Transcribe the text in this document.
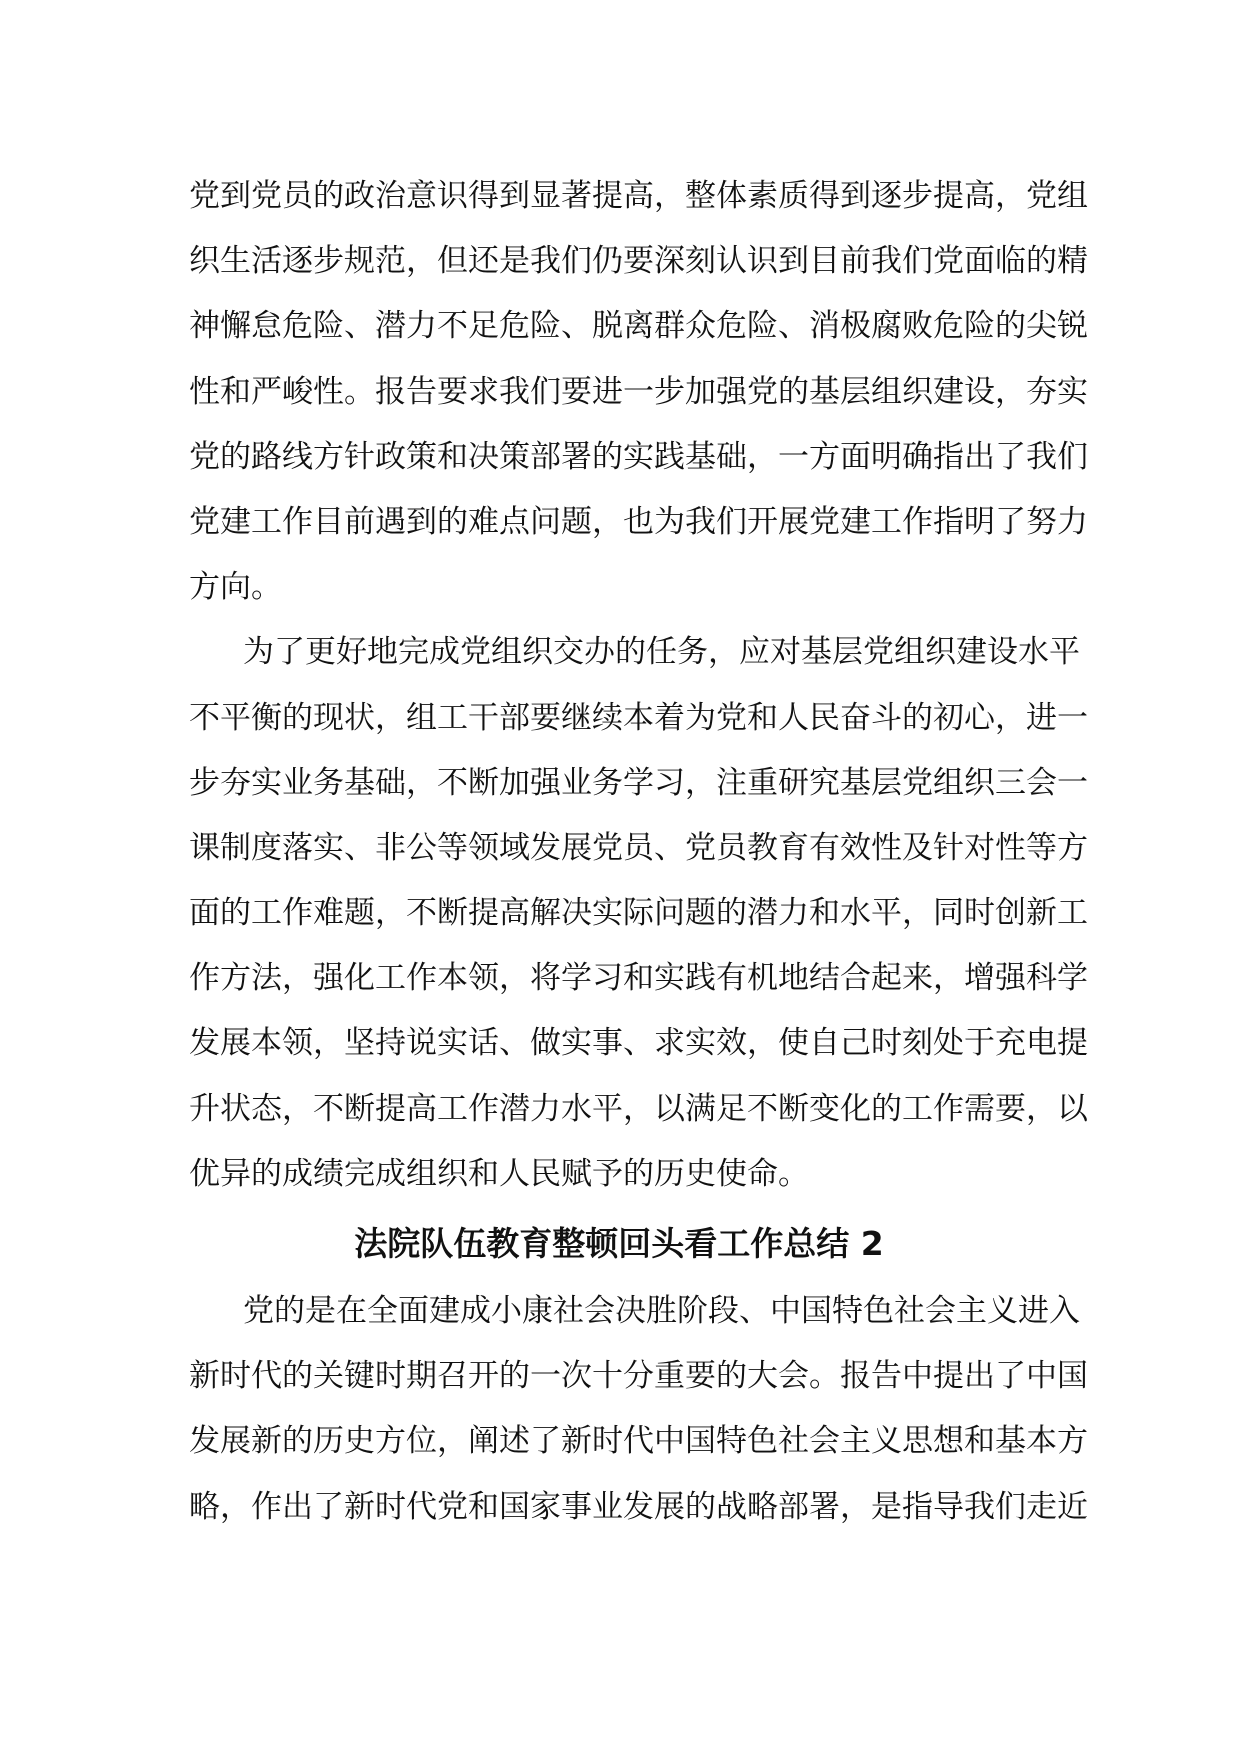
党到党员的政治意识得到显著提高，整体素质得到逐步提高，党组
织生活逐步规范，但还是我们仍要深刻认识到目前我们党面临的精
神懈怠危险、潜力不足危险、脱离群众危险、消极腐败危险的尖锐
性和严峻性。报告要求我们要进一步加强党的基层组织建设，夯实
党的路线方针政策和决策部署的实践基础，一方面明确指出了我们
党建工作目前遇到的难点问题，也为我们开展党建工作指明了努力
方向。
为了更好地完成党组织交办的任务，应对基层党组织建设水平
不平衡的现状，组工干部要继续本着为党和人民奋斗的初心，进一
步夯实业务基础，不断加强业务学习，注重研究基层党组织三会一
课制度落实、非公等领域发展党员、党员教育有效性及针对性等方
面的工作难题，不断提高解决实际问题的潜力和水平，同时创新工
作方法，强化工作本领，将学习和实践有机地结合起来，增强科学
发展本领，坚持说实话、做实事、求实效，使自己时刻处于充电提
升状态，不断提高工作潜力水平，以满足不断变化的工作需要，以
优异的成绩完成组织和人民赋予的历史使命。
法院队伍教育整顿回头看工作总结 2
党的是在全面建成小康社会决胜阶段、中国特色社会主义进入
新时代的关键时期召开的一次十分重要的大会。报告中提出了中国
发展新的历史方位，阐述了新时代中国特色社会主义思想和基本方
略，作出了新时代党和国家事业发展的战略部署，是指导我们走近
